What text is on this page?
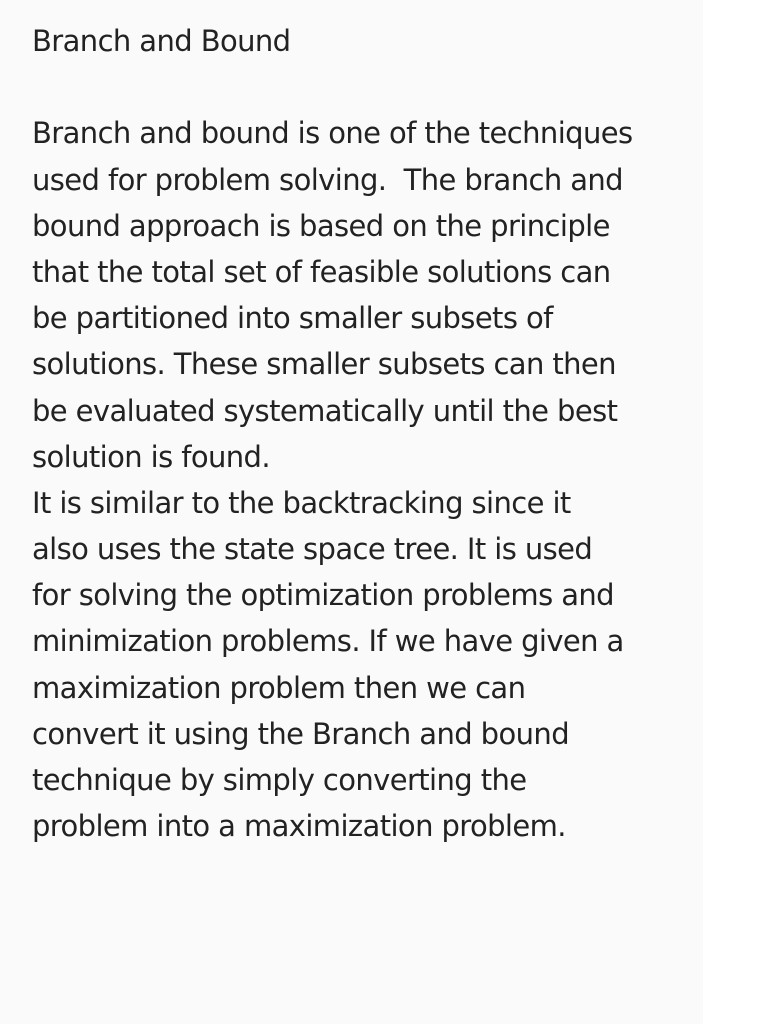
Branch and Bound
Branch and bound is one of the techniques
used for problem solving.  The branch and
bound approach is based on the principle
that the total set of feasible solutions can
be partitioned into smaller subsets of
solutions. These smaller subsets can then
be evaluated systematically until the best
solution is found.
It is similar to the backtracking since it
also uses the state space tree. It is used
for solving the optimization problems and
minimization problems. If we have given a
maximization problem then we can
convert it using the Branch and bound
technique by simply converting the
problem into a maximization problem.
